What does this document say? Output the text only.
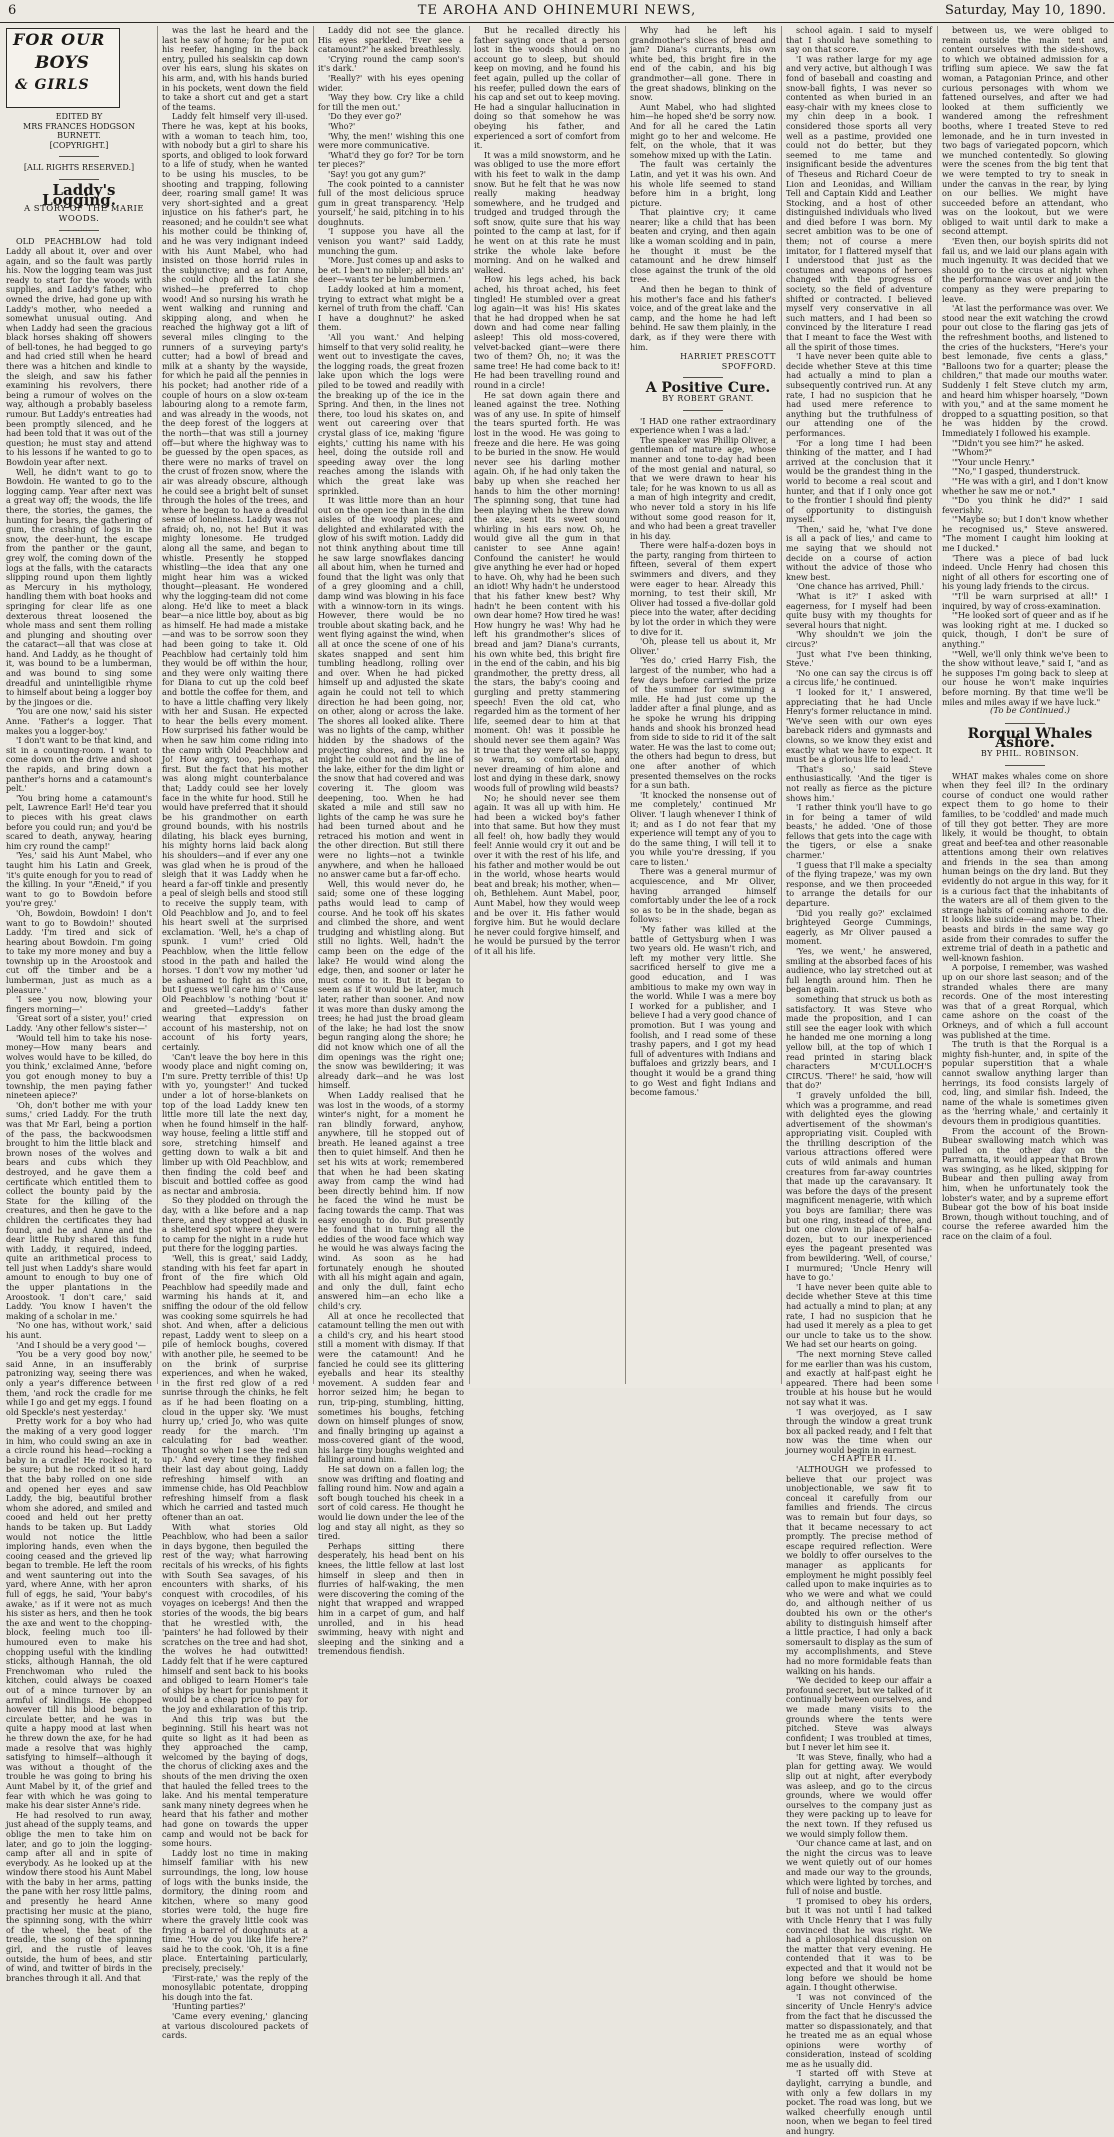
6	TE AROHA AND OHINEMURI NEWS,	Saturday, May 10, 1890.
FOR OUR
BOYS
& GIRLS

EDITED BY

MRS FRANCES HODGSON BURNETT.

[COPYRIGHT.]

[ALL RIGHTS RESERVED.]

Laddy's Logging.

A STORY OF THE MARIE WOODS.

OLD PEACHBLOW had told Laddy all about it, over and over again, and so the fault was partly his. Now the logging team was just ready to start for the woods with supplies, and Laddy's father, who owned the drive, had gone up with Laddy's mother, who needed a somewhat unusual outing. And when Laddy had seen the gracious black horses shaking off showers of bell-tones, he had begged to go and had cried still when he heard there was a hitchen and kindle to the sleigh, and saw his father examining his revolvers, there being a rumour of wolves on the way, although a probably baseless rumour. But Laddy's entreaties had been promptly silenced, and he had been told that it was out of the question; he must stay and attend to his lessons if he wanted to go to Bowdoin year after next.

Well, he didn't want to go to Bowdoin. He wanted to go to the logging camp. Year after next was a great way off; the woods, the life there, the stories, the games, the hunting for bears, the gathering of gum, the crashing of logs in the snow, the deer-hunt, the escape from the panther or the gaunt, grey wolf, the coming down of the logs at the falls, with the cataracts slipping round upon them lightly as Mercury in his mythology, handling them with boat hooks and springing for clear life as one dexterous threat loosened the whole mass and sent them rolling and plunging and shouting over the cataract—all that was close at hand. And Laddy, as he thought of it, was bound to be a lumberman, and was bound to sing some dreadful and unintelligible rhyme to himself about being a logger boy by the jingoes or die.

'You are one now,' said his sister Anne. 'Father's a logger. That makes you a logger-boy.'

'I don't want to be that kind, and sit in a counting-room. I want to come down on the drive and shoot the rapids, and bring down a panther's horns and a catamount's pelt.'

'You bring home a catamount's pelt, Lawrence Earl! He'd tear you to pieces with his great claws before you could run; and you'd be scared to death, anyway, hearing him cry round the camp!'

'Yes,' said his Aunt Mabel, who taught him his Latin and Greek, 'it's quite enough for you to read of the killing. In your "Æneid," if you want to go to Bowdoin before you're grey.'

'Oh, Bowdoin, Bowdoin! I don't want to go to Bowdoin!' shouted Laddy. 'I'm tired and sick of hearing about Bowdoin. I'm going to take my more money and buy a township up in the Aroostook and cut off the timber and be a lumberman, just as much as a pleasure.'

'I see you now, blowing your fingers morning—'

'Great sort of a sister, you!' cried Laddy. 'Any other fellow's sister—'

'Would tell him to take his nose-money—How many bears and wolves would have to be killed, do you think,' exclaimed Anne, 'before you got enough money to buy a township, the men paying father nineteen apiece?'

'Oh, don't bother me with your sums,' cried Laddy. For the truth was that Mr Earl, being a portion of the pass, the backwoodsmen brought to him the little black and brown noses of the wolves and bears and cubs which they destroyed, and he gave them a certificate which entitled them to collect the bounty paid by the State for the killing of the creatures, and then he gave to the children the certificates they had found, and he and Anne and the dear little Ruby shared this fund with Laddy, it required, indeed, quite an arithmetical process to tell just when Laddy's share would amount to enough to buy one of the upper plantations in the Aroostook. 'I don't care,' said Laddy. 'You know I haven't the making of a scholar in me.'

'No one has, without work,' said his aunt.

'And I should be a very good '—

'You be a very good boy now,' said Anne, in an insufferably patronizing way, seeing there was only a year's difference between them, 'and rock the cradle for me while I go and get my eggs. I found old Speckle's nest yesterday.'

Pretty work for a boy who had the making of a very good logger in him, who could swing an axe in a circle round his head—rocking a baby in a cradle! He rocked it, to be sure; but he rocked it so hard that the baby rolled on one side and opened her eyes and saw Laddy, the big, beautiful brother whom she adored, and smiled and cooed and held out her pretty hands to be taken up. But Laddy would not notice the little imploring hands, even when the cooing ceased and the grieved lip began to tremble. He left the room and went sauntering out into the yard, where Anne, with her apron full of eggs, he said, 'Your baby's awake,' as if it were not as much his sister as hers, and then he took the axe and went to the chopping-block, feeling much too ill-humoured even to make his chopping useful with the kindling sticks, although Hannah, the old Frenchwoman who ruled the kitchen, could always be coaxed out of a mince turnover by an armful of kindlings. He chopped however till his blood began to circulate better, and he was in quite a happy mood at last when he threw down the axe, for he had made a resolve that was highly satisfying to himself—although it was without a thought of the trouble he was going to bring his Aunt Mabel by it, of the grief and fear with which he was going to make his dear sister Anne's ride.

He had resolved to run away, just ahead of the supply teams, and oblige the men to take him on later, and go to join the logging-camp after all and in spite of everybody. As he looked up at the window there stood his Aunt Mabel with the baby in her arms, patting the pane with her rosy little palms, and presently he heard Anne practising her music at the piano, the spinning song, with the whirr of the wheel, the beat of the treadle, the song of the spinning girl, and the rustle of leaves outside, the hum of bees, and stir of wind, and twitter of birds in the branches through it all. And that

was the last he heard and the last he saw of home; for he put on his reefer, hanging in the back entry, pulled his sealskin cap down over his ears, slung his skates on his arm, and, with his hands buried in his pockets, went down the field to take a short cut and get a start of the teams.

Laddy felt himself very ill-used. There he was, kept at his books, with a woman to teach him, too, with nobody but a girl to share his sports, and obliged to look forward to a life of study, when he wanted to be using his muscles, to be shooting and trapping, following deer, roaring small game! It was very short-sighted and a great injustice on his father's part, he reasoned; and he couldn't see what his mother could be thinking of, and he was very indignant indeed with his Aunt Mabel, who had insisted on those horrid rules in the subjunctive; and as for Anne, she could chop all the Latin she wished—he preferred to chop wood! And so nursing his wrath he went walking and running and skipping along, and when he reached the highway got a lift of several miles clinging to the runners of a surveying party's cutter; had a bowl of bread and milk at a shanty by the wayside, for which he paid all the pennies in his pocket; had another ride of a couple of hours on a slow ox-team labouring along to a remote farm, and was already in the woods, not the deep forest of the loggers at the north—that was still a journey off—but where the highway was to be guessed by the open spaces, as there were no marks of travel on the crust of frozen snow, where the air was already obscure, although he could see a bright belt of sunset through the holes of the trees, and where he began to have a dreadful sense of loneliness. Laddy was not afraid; oh, no, not he! But it was mighty lonesome. He trudged along all the same, and began to whistle. Presently he stopped whistling—the idea that any one might hear him was a wicked thought—pleasant. He wondered why the logging-team did not come along. He'd like to meet a black bear—a nice little boy, about as big as himself. He had made a mistake—and was to be sorrow soon they had been going to take it. Old Peachblow had certainly told him they would be off within the hour, and they were only waiting there for Diana to cut up the cold beef and bottle the coffee for them, and to have a little chaffing very likely with her and Susan. He expected to hear the bells every moment. How surprised his father would be when he saw him come riding into the camp with Old Peachblow and Jo! How angry, too, perhaps, at first. But the fact that his mother was along might counterbalance that; Laddy could see her lovely face in the white fur hood. Still he would have preferred that it should be his grandmother on earth ground bounds, with his nostrils dilating, his black eyes burning, his mighty horns laid back along his shoulders—and if ever any one was glad when he is proud of the sleigh that it was Laddy when he heard a far-off tinkle and presently a peal of sleigh bells and stood still to receive the supply team, with Old Peachblow and Jo, and to feel his heart swell at the surprised exclamation. 'Well, he's a chap of spunk. I vum!' cried Old Peachblow, when the little fellow stood in the path and hailed the horses. 'I don't vow my mother 'ud be ashamed to fight as this one, but I guess we'll care him o' 'Cause Old Peachblow 's nothing 'bout it' and greeted—Laddy's father wearing that expression on account of his mastership, not on account of his forty years, certainly.

'Can't leave the boy here in this woody place and night coming on, I'm sure. Pretty terrible of this! Up with yo, youngster!' And tucked under a lot of horse-blankets on top of the load Laddy knew ten little more till late the next day, when he found himself in the half-way house, feeling a little stiff and sore, stretching himself and getting down to walk a bit and limber up with Old Peachblow, and then finding the cold beef and biscuit and bottled coffee as good as nectar and ambrosia.

So they plodded on through the day, with a like before and a nap there, and they stopped at dusk in a sheltered spot where they were to camp for the night in a rude hut put there for the logging parties.

'Well, this is great,' said Laddy, standing with his feet far apart in front of the fire which Old Peachblow had speedily made and warming his hands at it, and sniffing the odour of the old fellow was cooking some squirrels he had shot. And when, after a delicious repast, Laddy went to sleep on a pile of hemlock boughs, covered with another pile, he seemed to be on the brink of surprise experiences, and when he waked, in the first red glow of a red sunrise through the chinks, he felt as if he had been floating on a cloud in the upper sky. 'We must hurry up,' cried Jo, who was quite ready for the march. 'I'm calculating for bad weather. Thought so when I see the red sun up.' And every time they finished their last day about going, Laddy refreshing himself with an immense chide, has Old Peachblow refreshing himself from a flask which he carried and tasted much oftener than an oat.

With what stories Old Peachblow, who had been a sailor in days bygone, then beguiled the rest of the way; what harrowing recitals of his wrecks, of his fights with South Sea savages, of his encounters with sharks, of his conquest with crocodiles, of his voyages on icebergs! And then the stories of the woods, the big bears that he wrestled with, the 'painters' he had followed by their scratches on the tree and had shot, the wolves he had outwitted! Laddy felt that if he were captured himself and sent back to his books and obliged to learn Homer's tale of ships by heart for punishment it would be a cheap price to pay for the joy and exhilaration of this trip.

And this trip was but the beginning. Still his heart was not quite so light as it had been as they approached the camp, welcomed by the baying of dogs, the chorus of clicking axes and the shouts of the men driving the oxen that hauled the felled trees to the lake. And his mental temperature sank many ninety degrees when he heard that his father and mother had gone on towards the upper camp and would not be back for some hours.

Laddy lost no time in making himself familiar with his new surroundings, the long, low house of logs with the bunks inside, the dormitory, the dining room and kitchen, where so many good stories were told, the huge fire where the gravely little cook was frying a barrel of doughnuts at a time. 'How do you like life here?' said he to the cook. 'Oh, it is a fine place. Entertaining particularly, precisely, precisely.'

'First-rate,' was the reply of the monosyllabic potentate, dropping his dough into the fat.

'Hunting parties?'

'Came every evening,' glancing at various discoloured packets of cards.

Laddy did not see the glance. His eyes sparkled. 'Ever see a catamount?' he asked breathlessly.

'Crying round the camp soon's it's dark.'

'Really?' with his eyes opening wider.

'Way they bow. Cry like a child for till the men out.'

'Do they ever go?'

'Who?'

'Why, the men!' wishing this one were more communicative.

'What'd they go for? Tor be torn ter pieces?'

'Say! you got any gum?'

The cook pointed to a cannister full of the most delicious spruce gum in great transparency. 'Help yourself,' he said, pitching in to his doughnuts.

'I suppose you have all the venison you want?' said Laddy, munching the gum.

'More. Just comes up and asks to be et. I ben't no nibler; all birds an' deer—wants ter be lumbermen.'

Laddy looked at him a moment, trying to extract what might be a kernel of truth from the chaff. 'Can I have a doughnut?' he asked them.

'All you want.' And helping himself to that very solid reality, he went out to investigate the caves, the logging roads, the great frozen lake upon which the logs were piled to be towed and readily with the breaking up of the ice in the Spring. And then, in the lines not there, too loud his skates on, and went out careering over that crystal glass of ice, making 'figure eights,' cutting his name with his heel, doing the outside roll and speeding away over the long reaches among the islands with which the great lake was sprinkled.

It was little more than an hour out on the open ice than in the dim aisles of the woody places; and delighted and exhilarated with the glow of his swift motion. Laddy did not think anything about time till he saw large snowflakes dancing all about him, when he turned and found that the light was only that of a grey glooming and a chill, damp wind was blowing in his face with a winnow-torn in its wings. However, there would be no trouble about skating back, and he went flying against the wind, when all at once the scene of one of his skates snapped and sent him tumbling headlong, rolling over and over. When he had picked himself up and adjusted the skate again he could not tell to which direction he had been going, nor, on other, along or across the lake. The shores all looked alike. There was no lights of the camp, whither hidden by the shadows of the projecting shores, and by as he might he could not find the line of the lake, either for the dim light or the snow that had covered and was covering it. The gloom was deepening, too. When he had skated a mile and still saw no lights of the camp he was sure he had been turned about and he retraced his motion and went in the other direction. But still there were no lights—not a twinkle anywhere, and when he halloaed no answer came but a far-off echo.

Well, this would never do, he said; some one of these logging paths would lead to camp of course. And he took off his skates and climbed the shore, and went trudging and whistling along. But still no lights. Well, hadn't the camp been on the edge of the lake? He would wind along the edge, then, and sooner or later he must come to it. But it began to seem as if it would be later, much later, rather than sooner. And now it was more than dusky among the trees; he had just the broad gleam of the lake; he had lost the snow begun ranging along the shore; he did not know which one of all the dim openings was the right one; the snow was bewildering; it was already dark—and he was lost himself.

When Laddy realised that he was lost in the woods, of a stormy winter's night, for a moment he ran blindly forward, anyhow, anywhere, till he stopped out of breath. He leaned against a tree then to quiet himself. And then he set his wits at work; remembered that when he had been skating away from camp the wind had been directly behind him. If now he faced the wind he must be facing towards the camp. That was easy enough to do. But presently he found that in turning all the eddies of the wood face which way he would he was always facing the wind. As soon as he had fortunately enough he shouted with all his might again and again, and only the dull, faint echo answered him—an echo like a child's cry.

All at once he recollected that catamount telling the men out with a child's cry, and his heart stood still a moment with dismay. If that were the catamount! And he fancied he could see its glittering eyeballs and hear its stealthy movement. A sudden fear and horror seized him; he began to run, trip-ping, stumbling, hitting, sometimes his boughs, fetching down on himself plunges of snow, and finally bringing up against a moss-covered giant of the wood, his large tiny boughs weighted and falling around him.

He sat down on a fallen log; the snow was drifting and floating and falling round him. Now and again a soft bough touched his cheek in a sort of cold caress. He thought he would lie down under the lee of the log and stay all night, as they so tired.

Perhaps sitting there desperately, his head bent on his knees, the little fellow at last lost himself in sleep and then in flurries of half-waking, the men were discovering the coming of the night that wrapped and wrapped him in a carpet of gum, and half unrolled, and in his head swimming, heavy with night and sleeping and the sinking and a tremendous fiendish.

But he recalled directly his father saying once that a person lost in the woods should on no account go to sleep, but should keep on moving, and he found his feet again, pulled up the collar of his reefer, pulled down the ears of his cap and set out to keep moving. He had a singular hallucination in doing so that somehow he was obeying his father, and experienced a sort of comfort from it.

It was a mild snowstorm, and he was obliged to use the more effort with his feet to walk in the damp snow. But he felt that he was now really making headway somewhere, and he trudged and trudged and trudged through the soft snow, quite sure that his way pointed to the camp at last, for if he went on at this rate he must strike the whole lake before morning. And on he walked and walked.

How his legs ached, his back ached, his throat ached, his feet tingled! He stumbled over a great log again—it was his! His skates that he had dropped when he sat down and had come near falling asleep! This old moss-covered, velvet-backed giant—were there two of them? Oh, no; it was the same tree! He had come back to it! He had been travelling round and round in a circle!

He sat down again there and leaned against the tree. Nothing was of any use. In spite of himself the tears spurted forth. He was lost in the wood. He was going to freeze and die here. He was going to be buried in the snow. He would never see his darling mother again. Oh, if he had only taken the baby up when she reached her hands to him the other morning! The spinning song, that tune had been playing when he threw down the axe, sent its sweet sound whirling in his ears now. Oh, he would give all the gum in that canister to see Anne again! Confound the canister! he would give anything he ever had or hoped to have. Oh, why had he been such an idiot! Why hadn't he understood that his father knew best? Why hadn't he been content with his own dear home? How tired he was! How hungry he was! Why had he left his grandmother's slices of bread and jam? Diana's currants, his own white bed, this bright fire in the end of the cabin, and his big grandmother, the pretty dress, all the stars, the baby's cooing and gurgling and pretty stammering speech! Even the old cat, who regarded him as the torment of her life, seemed dear to him at that moment. Oh! was it possible he should never see them again? Was it true that they were all so happy, so warm, so comfortable, and never dreaming of him alone and lost and dying in these dark, snowy woods full of prowling wild beasts?

No; he should never see them again. It was all up with him. He had been a wicked boy's father into that same. But how they must all feel! oh, how badly they would feel! Annie would cry it out and be over it with the rest of his life, and his father and mother would be out in the world, whose hearts would beat and break; his mother, when—oh, Bethlehem. Aunt Mabel, poor, Aunt Mabel, how they would weep and be over it. His father would forgive him. But he would declare he never could forgive himself, and he would be pursued by the terror of it all his life.

Why had he left his grandmother's slices of bread and jam? Diana's currants, his own white bed, this bright fire in the end of the cabin, and his big grandmother—all gone. There in the great shadows, blinking on the snow.

Aunt Mabel, who had slighted him—he hoped she'd be sorry now. And for all he cared the Latin might go to her and welcome. He felt, on the whole, that it was somehow mixed up with the Latin.

The fault was certainly the Latin, and yet it was his own. And his whole life seemed to stand before him in a bright, long picture.

That plaintive cry; it came nearer; like a child that has been beaten and crying, and then again like a woman scolding and in pain, he thought it must be the catamount and he drew himself close against the trunk of the old tree.

And then he began to think of his mother's face and his father's voice, and of the great lake and the camp, and the home he had left behind. He saw them plainly, in the dark, as if they were there with him.

HARRIET PRESCOTT SPOFFORD.

A Positive Cure.

BY ROBERT GRANT.

'I HAD one rather extraordinary experience when I was a lad.'

The speaker was Phillip Oliver, a gentleman of mature age, whose manner and tone to-day had been of the most genial and natural, so that we were drawn to hear his tale; for he was known to us all as a man of high integrity and credit, who never told a story in his life without some good reason for it, and who had been a great traveller in his day.

There were half-a-dozen boys in the party, ranging from thirteen to fifteen, several of them expert swimmers and divers, and they were eager to hear. Already this morning, to test their skill, Mr Oliver had tossed a five-dollar gold piece into the water, after deciding by lot the order in which they were to dive for it.

'Oh, please tell us about it, Mr Oliver.'

'Yes do,' cried Harry Fish, the largest of the number, who had a few days before carried the prize of the summer for swimming a mile. He had just come up the ladder after a final plunge, and as he spoke he wrung his dripping hands and shook his bronzed head from side to side to rid it of the salt water. He was the last to come out; the others had begun to dress, but one after another of which presented themselves on the rocks for a sun bath.

'It knocked the nonsense out of me completely,' continued Mr Oliver. 'I laugh whenever I think of it; and as I do not fear that my experience will tempt any of you to do the same thing, I will tell it to you while you're dressing, if you care to listen.'

There was a general murmur of acquiescence, and Mr Oliver, having arranged himself comfortably under the lee of a rock so as to be in the shade, began as follows:

'My father was killed at the battle of Gettysburg when I was two years old. He wasn't rich, and left my mother very little. She sacrificed herself to give me a good education, and I was ambitious to make my own way in the world. While I was a mere boy I worked for a publisher, and I believe I had a very good chance of promotion. But I was young and foolish, and I read some of these trashy papers, and I got my head full of adventures with Indians and buffaloes and grizzly bears, and I thought it would be a grand thing to go West and fight Indians and become famous.'

school again. I said to myself that I should have something to say on that score.

'I was rather large for my age and very active, but although I was fond of baseball and coasting and snow-ball fights, I was never so contented as when buried in an easy-chair with my knees close to my chin deep in a book. I considered those sports all very well as a pastime, provided one could not do better, but they seemed to me tame and insignificant beside the adventures of Theseus and Richard Coeur de Lion and Leonidas, and William Tell and Captain Kidd and Leather Stocking, and a host of other distinguished individuals who lived and died before I was born. My secret ambition was to be one of them; not of course a mere imitator, for I flattered myself that I understood that just as the costumes and weapons of heroes changed with the progress of society, so the field of adventure shifted or contracted. I believed myself very conservative in all such matters, and I had been so convinced by the literature I read that I meant to face the West with all the spirit of those times.

'I have never been quite able to decide whether Steve at this time had actually a mind to plan a subsequently contrived run. At any rate, I had no suspicion that he had used mere reference to anything but the truthfulness of our attending one of the performances.

'For a long time I had been thinking of the matter, and I had arrived at the conclusion that it would be the grandest thing in the world to become a real scout and hunter, and that if I only once got to the frontier I should find plenty of opportunity to distinguish myself.

'Then,' said he, 'what I've done is all a pack of lies,' and came to me saying that we should not decide on a course of action without the advice of those who knew best.

'One chance has arrived, Phill.'

'What is it?' I asked with eagerness, for I myself had been quite busy with my thoughts for several hours that night.

'Why shouldn't we join the circus?'

'Just what I've been thinking, Steve.'

'No one can say the circus is off a circus life,' he continued.

'I looked for it,' I answered, appreciating that he had Uncle Henry's former reluctance in mind. 'We've seen with our own eyes bareback riders and gymnasts and clowns, so we know they exist and exactly what we have to expect. It must be a glorious life to lead.'

'That's so,' said Steve enthusiastically. 'And the tiger is not really as fierce as the picture shows him.'

'I rather think you'll have to go in for being a tamer of wild beasts,' he added. 'One of those fellows that gets into the cage with the tigers, or else a snake charmer.'

'I guess that I'll make a specialty of the flying trapeze,' was my own response, and we then proceeded to arrange the details for our departure.

'Did you really go?' exclaimed brighteyed George Cummings, eagerly, as Mr Oliver paused a moment.

'Yes, we went,' he answered, smiling at the absorbed faces of his audience, who lay stretched out at full length around him. Then he began again.

something that struck us both as satisfactory. It was Steve who made the proposition, and I can still see the eager look with which he handed me one morning a long yellow bill, at the top of which I read printed in staring black characters M'CULLOCH'S CIRCUS. 'There!' he said, 'how will that do?'

'I gravely unfolded the bill, which was a programme, and read with delighted eyes the glowing advertisement of the showman's appropriating visit. Coupled with the thrilling description of the various attractions offered were cuts of wild animals and human creatures from far-away countries that made up the caravansary. It was before the days of the present magnificent menagerie, with which you boys are familiar; there was but one ring, instead of three, and but one clown in place of half-a-dozen, but to our inexperienced eyes the pageant presented was from bewildering. 'Well, of course,' I murmured; 'Uncle Henry will have to go.'

'I have never been quite able to decide whether Steve at this time had actually a mind to plan; at any rate, I had no suspicion that he had used it merely as a plea to get our uncle to take us to the show. We had set our hearts on going.

'The next morning Steve called for me earlier than was his custom, and exactly at half-past eight he appeared. There had been some trouble at his house but he would not say what it was.

'I was overjoyed, as I saw through the window a great trunk box all packed ready, and I felt that now was the time when our journey would begin in earnest.

CHAPTER II.

'ALTHOUGH we professed to believe that our project was unobjectionable, we saw fit to conceal it carefully from our families and friends. The circus was to remain but four days, so that it became necessary to act promptly. The precise method of escape required reflection. Were we boldly to offer ourselves to the manager as applicants for employment he might possibly feel called upon to make inquiries as to who we were and what we could do, and although neither of us doubted his own or the other's ability to distinguish himself after a little practice, I had only a back somersault to display as the sum of my accomplishments, and Steve had no more formidable feats than walking on his hands.

'We decided to keep our affair a profound secret, but we talked of it continually between ourselves, and we made many visits to the grounds where the tents were pitched. Steve was always confident; I was troubled at times, but I never let him see it.

'It was Steve, finally, who had a plan for getting away. We would slip out at night, after everybody was asleep, and go to the circus grounds, where we would offer ourselves to the company just as they were packing up to leave for the next town. If they refused us we would simply follow them.

'Our chance came at last, and on the night the circus was to leave we went quietly out of our homes and made our way to the grounds, which were lighted by torches, and full of noise and bustle.

'I promised to obey his orders, but it was not until I had talked with Uncle Henry that I was fully convinced that he was right. We had a philosophical discussion on the matter that very evening. He contended that it was to be expected and that it would not be long before we should be home again. I thought otherwise.

'I was not convinced of the sincerity of Uncle Henry's advice from the fact that he discussed the matter so dispassionately, and that he treated me as an equal whose opinions were worthy of consideration, instead of scolding me as he usually did.

'I started off with Steve at daylight, carrying a bundle, and with only a few dollars in my pocket. The road was long, but we walked cheerfully enough until noon, when we began to feel tired and hungry.

between us, we were obliged to remain outside the main tent and content ourselves with the side-shows, to which we obtained admission for a trifling sum apiece. We saw the fat woman, a Patagonian Prince, and other curious personages with whom we fattened ourselves, and after we had looked at them sufficiently we wandered among the refreshment booths, where I treated Steve to red lemonade, and he in turn invested in two bags of variegated popcorn, which we munched contentedly. So glowing were the scenes from the big tent that we were tempted to try to sneak in under the canvas in the rear, by lying on our bellies. We might have succeeded before an attendant, who was on the lookout, but we were obliged to wait until dark to make a second attempt.

'Even then, our boyish spirits did not fail us, and we laid our plans again with much ingenuity. It was decided that we should go to the circus at night when the performance was over and join the company as they were preparing to leave.

'At last the performance was over. We stood near the exit watching the crowd pour out close to the flaring gas jets of the refreshment booths, and listened to the cries of the hucksters, "Here's your best lemonade, five cents a glass," "Balloons two for a quarter; please the children," that made our mouths water. Suddenly I felt Steve clutch my arm, and heard him whisper hoarsely, "Down with you," and at the same moment he dropped to a squatting position, so that he was hidden by the crowd. Immediately I followed his example.

'"Didn't you see him?" he asked.

'"Whom?"

'"Your uncle Henry."

'"No," I gasped, thunderstruck.

'"He was with a girl, and I don't know whether he saw me or not."

'"Do you think he did?" I said feverishly.

'"Maybe so; but I don't know whether he recognised us," Steve answered. "The moment I caught him looking at me I ducked."

'There was a piece of bad luck indeed. Uncle Henry had chosen this night of all others for escorting one of his young lady friends to the circus.

'"I'll be warn surprised at all!" I inquired, by way of cross-examination.

'"He looked sort of queer and as if he was looking right at me. I ducked so quick, though, I don't be sure of anything."

'"Well, we'll only think we've been to the show without leave," said I, "and as he supposes I'm going back to sleep at our house he won't make inquiries before morning. By that time we'll be miles and miles away if we have luck."

(To be Continued.)

Rorqual Whales Ashore.

BY PHIL. ROBINSON.

WHAT makes whales come on shore when they feel ill? In the ordinary course of conduct one would rather expect them to go home to their families, to be 'coddled' and made much of till they got better. They are more likely, it would be thought, to obtain great and beef-tea and other reasonable attentions among their own relatives and friends in the sea than among human beings on the dry land. But they evidently do not argue in this way, for it is a curious fact that the inhabitants of the waters are all of them given to the strange habits of coming ashore to die. It looks like suicide—and may be. Their beasts and birds in the same way go aside from their comrades to suffer the extreme trial of death in a pathetic and well-known fashion.

A porpoise, I remember, was washed up on our shore last season; and of the stranded whales there are many records. One of the most interesting was that of a great Rorqual, which came ashore on the coast of the Orkneys, and of which a full account was published at the time.

The truth is that the Rorqual is a mighty fish-hunter, and, in spite of the popular superstition that a whale cannot swallow anything larger than herrings, its food consists largely of cod, ling, and similar fish. Indeed, the name of the whale is sometimes given as the 'herring whale,' and certainly it devours them in prodigious quantities.

From the account of the Brown-Bubear swallowing match which was pulled on the other day on the Parramatta, it would appear that Brown was swinging, as he liked, skipping for Bubear and then pulling away from him, when he unfortunately took the lobster's water, and by a supreme effort Bubear got the bow of his boat inside Brown, though without touching, and of course the referee awarded him the race on the claim of a foul.
